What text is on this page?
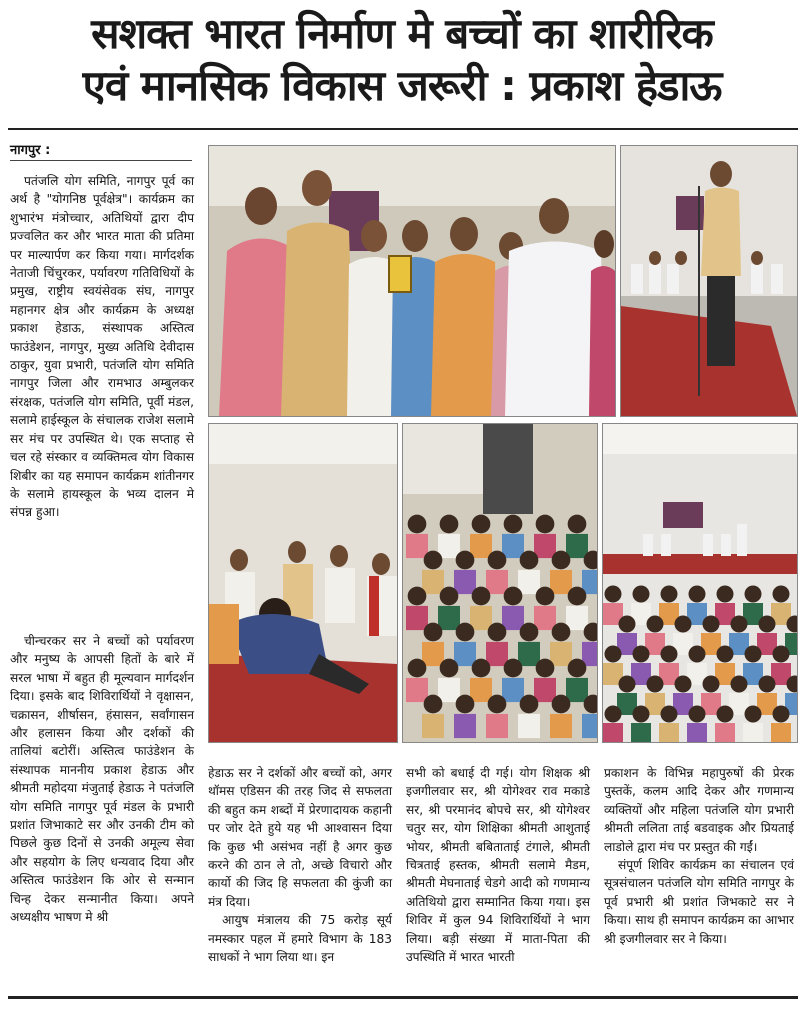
सशक्त भारत निर्माण मे बच्चों का शारीरिक
एवं मानसिक विकास जरूरी : प्रकाश हेडाऊ
नागपुर :

पतंजलि योग समिति, नागपुर पूर्व का अर्थ है "योगनिष्ठ पूर्वक्षेत्र"। कार्यक्रम का शुभारंभ मंत्रोच्चार, अतिथियों द्वारा दीप प्रज्वलित कर और भारत माता की प्रतिमा पर माल्यार्पण कर किया गया। मार्गदर्शक नेताजी चिंचुरकर, पर्यावरण गतिविधियों के प्रमुख, राष्ट्रीय स्वयंसेवक संघ, नागपुर महानगर क्षेत्र और कार्यक्रम के अध्यक्ष प्रकाश हेडाऊ, संस्थापक अस्तित्व फाउंडेशन, नागपुर, मुख्य अतिथि देवीदास ठाकुर, युवा प्रभारी, पतंजलि योग समिति नागपुर जिला और रामभाउ अम्बुलकर संरक्षक, पतंजलि योग समिति, पूर्वी मंडल, सलामे हाईस्कूल के संचालक राजेश सलामे सर मंच पर उपस्थित थे। एक सप्ताह से चल रहे संस्कार व व्यक्तिमत्व योग विकास शिबीर का यह समापन कार्यक्रम शांतीनगर के सलामे हायस्कूल के भव्य दालन मे संपन्न हुआ।

चीन्चरकर सर ने बच्चों को पर्यावरण और मनुष्य के आपसी हितों के बारे में सरल भाषा में बहुत ही मूल्यवान मार्गदर्शन दिया। इसके बाद शिविरार्थियों ने वृक्षासन, चक्रासन, शीर्षासन, हंसासन, सर्वांगासन और हलासन किया और दर्शकों की तालियां बटोरीं। अस्तित्व फाउंडेशन के संस्थापक माननीय प्रकाश हेडाऊ और श्रीमती महोदया मंजुताई हेडाऊ ने पतंजलि योग समिति नागपुर पूर्व मंडल के प्रभारी प्रशांत जिभाकाटे सर और उनकी टीम को पिछले कुछ दिनों से उनकी अमूल्य सेवा और सहयोग के लिए धन्यवाद दिया और अस्तित्व फाउंडेशन कि ओर से सन्मान चिन्ह देकर सन्मानीत किया। अपने अध्यक्षीय भाषण मे श्री

हेडाऊ सर ने दर्शकों और बच्चों को, अगर थॉमस एडिसन की तरह जिद से सफलता की बहुत कम शब्दों में प्रेरणादायक कहानी पर जोर देते हुये यह भी आश्वासन दिया कि कुछ भी असंभव नहीं है अगर कुछ करने की ठान ले तो, अच्छे विचारो और कार्यो की जिद हि सफलता की कुंजी का मंत्र दिया।

आयुष मंत्रालय की 75 करोड़ सूर्य नमस्कार पहल में हमारे विभाग के 183 साधकों ने भाग लिया था। इन

सभी को बधाई दी गई। योग शिक्षक श्री इजगीलवार सर, श्री योगेश्वर राव मकाडे सर, श्री परमानंद बोपचे सर, श्री योगेश्वर चतुर सर, योग शिक्षिका श्रीमती आशुताई भोयर, श्रीमती बबिताताई टंगाले, श्रीमती चित्रताई हस्तक, श्रीमती सलामे मैडम, श्रीमती मेघनाताई चेडगे आदी को गणमान्य अतिथियो द्वारा सम्मानित किया गया। इस शिविर में कुल 94 शिविरार्थियों ने भाग लिया। बड़ी संख्या में माता-पिता की उपस्थिति में भारत भारती

प्रकाशन के विभिन्न महापुरुषों की प्रेरक पुस्तकें, कलम आदि देकर और गणमान्य व्यक्तियों और महिला पतंजलि योग प्रभारी श्रीमती ललिता ताई बडवाइक और प्रियताई लाडोले द्वारा मंच पर प्रस्तुत की गईं।

संपूर्ण शिविर कार्यक्रम का संचालन एवं सूत्रसंचालन पतंजलि योग समिति नागपुर के पूर्व प्रभारी श्री प्रशांत जिभकाटे सर ने किया। साथ ही समापन कार्यक्रम का आभार श्री इजगीलवार सर ने किया।
